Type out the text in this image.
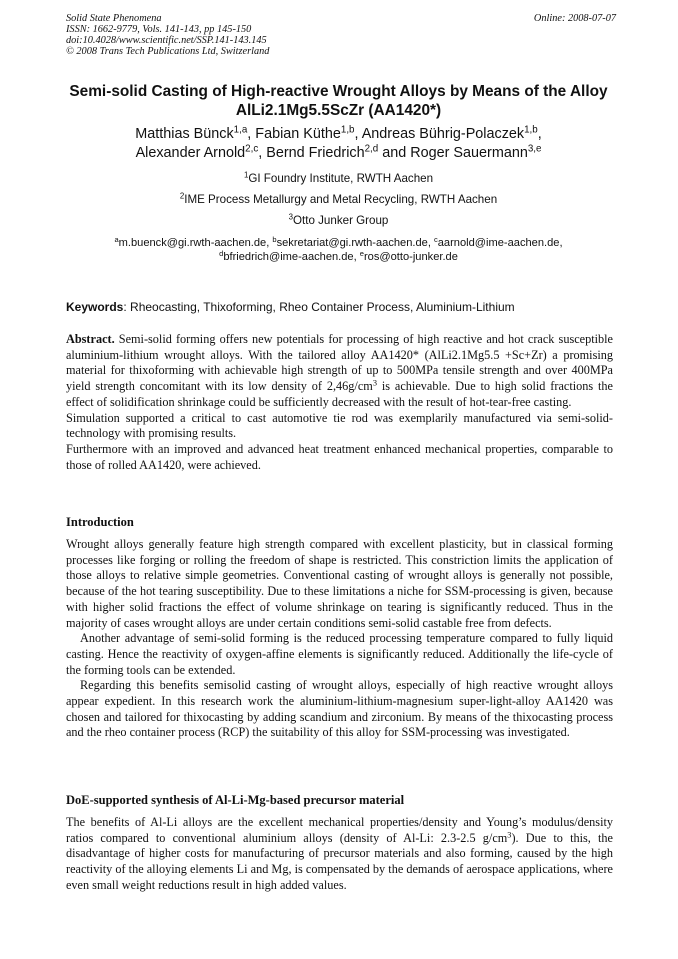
Solid State Phenomena	Online: 2008-07-07
ISSN: 1662-9779, Vols. 141-143, pp 145-150
doi:10.4028/www.scientific.net/SSP.141-143.145
© 2008 Trans Tech Publications Ltd, Switzerland
Semi-solid Casting of High-reactive Wrought Alloys by Means of the Alloy AlLi2.1Mg5.5ScZr (AA1420*)
Matthias Bünck$^{1,a}$, Fabian Küthe$^{1,b}$, Andreas Bührig-Polaczek$^{1,b}$,
Alexander Arnold$^{2,c}$, Bernd Friedrich$^{2,d}$ and Roger Sauermann$^{3,e}$
$^1$GI Foundry Institute, RWTH Aachen
$^2$IME Process Metallurgy and Metal Recycling, RWTH Aachen
$^3$Otto Junker Group
$^a$m.buenck@gi.rwth-aachen.de, $^b$sekretariat@gi.rwth-aachen.de, $^c$aarnold@ime-aachen.de,
$^d$bfriedrich@ime-aachen.de, $^e$ros@otto-junker.de
Keywords: Rheocasting, Thixoforming, Rheo Container Process, Aluminium-Lithium

Abstract. Semi-solid forming offers new potentials for processing of high reactive and hot crack susceptible aluminium-lithium wrought alloys. With the tailored alloy AA1420* (AlLi2.1Mg5.5 +Sc+Zr) a promising material for thixoforming with achievable high strength of up to 500MPa tensile strength and over 400MPa yield strength concomitant with its low density of $2,46g/cm^3$ is achievable. Due to high solid fractions the effect of solidification shrinkage could be sufficiently decreased with the result of hot-tear-free casting.

Simulation supported a critical to cast automotive tie rod was exemplarily manufactured via semi-solid-technology with promising results.

Furthermore with an improved and advanced heat treatment enhanced mechanical properties, comparable to those of rolled AA1420, were achieved.

Introduction

Wrought alloys generally feature high strength compared with excellent plasticity, but in classical forming processes like forging or rolling the freedom of shape is restricted. This constriction limits the application of those alloys to relative simple geometries. Conventional casting of wrought alloys is generally not possible, because of the hot tearing susceptibility. Due to these limitations a niche for SSM-processing is given, because with higher solid fractions the effect of volume shrinkage on tearing is significantly reduced. Thus in the majority of cases wrought alloys are under certain conditions semi-solid castable free from defects.

Another advantage of semi-solid forming is the reduced processing temperature compared to fully liquid casting. Hence the reactivity of oxygen-affine elements is significantly reduced. Additionally the life-cycle of the forming tools can be extended.

Regarding this benefits semisolid casting of wrought alloys, especially of high reactive wrought alloys appear expedient. In this research work the aluminium-lithium-magnesium super-light-alloy AA1420 was chosen and tailored for thixocasting by adding scandium and zirconium. By means of the thixocasting process and the rheo container process (RCP) the suitability of this alloy for SSM-processing was investigated.

DoE-supported synthesis of Al-Li-Mg-based precursor material

The benefits of Al-Li alloys are the excellent mechanical properties/density and Young’s modulus/density ratios compared to conventional aluminium alloys (density of Al-Li: 2.3-2.5 $g/cm^3$). Due to this, the disadvantage of higher costs for manufacturing of precursor materials and also forming, caused by the high reactivity of the alloying elements Li and Mg, is compensated by the demands of aerospace applications, where even small weight reductions result in high added values.
